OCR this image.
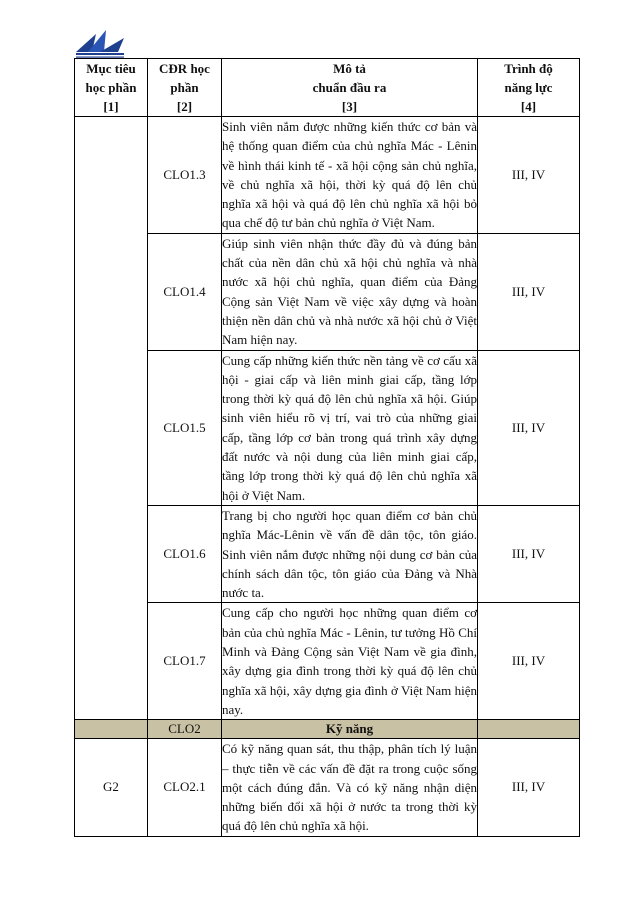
Mục tiêu
học phần
[1]	CĐR học
phần
[2]	Mô tả
chuẩn đầu ra
[3]	Trình độ
năng lực
[4]

	CLO1.3	Sinh viên nắm được những kiến thức cơ bản và hệ thống quan điểm của chủ nghĩa Mác - Lênin về hình thái kinh tế - xã hội cộng sản chủ nghĩa, về chủ nghĩa xã hội, thời kỳ quá độ lên chủ nghĩa xã hội và quá độ lên chủ nghĩa xã hội bỏ qua chế độ tư bản chủ nghĩa ở Việt Nam.	III, IV
	CLO1.4	Giúp sinh viên nhận thức đầy đủ và đúng bản chất của nền dân chủ xã hội chủ nghĩa và nhà nước xã hội chủ nghĩa, quan điểm của Đảng Cộng sản Việt Nam về việc xây dựng và hoàn thiện nền dân chủ và nhà nước xã hội chủ ở Việt Nam hiện nay.	III, IV
	CLO1.5	Cung cấp những kiến thức nền tảng về cơ cấu xã hội - giai cấp và liên minh giai cấp, tầng lớp trong thời kỳ quá độ lên chủ nghĩa xã hội. Giúp sinh viên hiểu rõ vị trí, vai trò của những giai cấp, tầng lớp cơ bản trong quá trình xây dựng đất nước và nội dung của liên minh giai cấp, tầng lớp trong thời kỳ quá độ lên chủ nghĩa xã hội ở Việt Nam.	III, IV
	CLO1.6	Trang bị cho người học quan điểm cơ bản chủ nghĩa Mác-Lênin về vấn đề dân tộc, tôn giáo. Sinh viên nắm được những nội dung cơ bản của chính sách dân tộc, tôn giáo của Đảng và Nhà nước ta.	III, IV
	CLO1.7	Cung cấp cho người học những quan điểm cơ bản của chủ nghĩa Mác - Lênin, tư tưởng Hồ Chí Minh và Đảng Cộng sản Việt Nam về gia đình, xây dựng gia đình trong thời kỳ quá độ lên chủ nghĩa xã hội, xây dựng gia đình ở Việt Nam hiện nay.	III, IV
	CLO2	Kỹ năng	
G2	CLO2.1	Có kỹ năng quan sát, thu thập, phân tích lý luận – thực tiễn về các vấn đề đặt ra trong cuộc sống một cách đúng đắn. Và có kỹ năng nhận diện những biến đổi xã hội ở nước ta trong thời kỳ quá độ lên chủ nghĩa xã hội.	III, IV
